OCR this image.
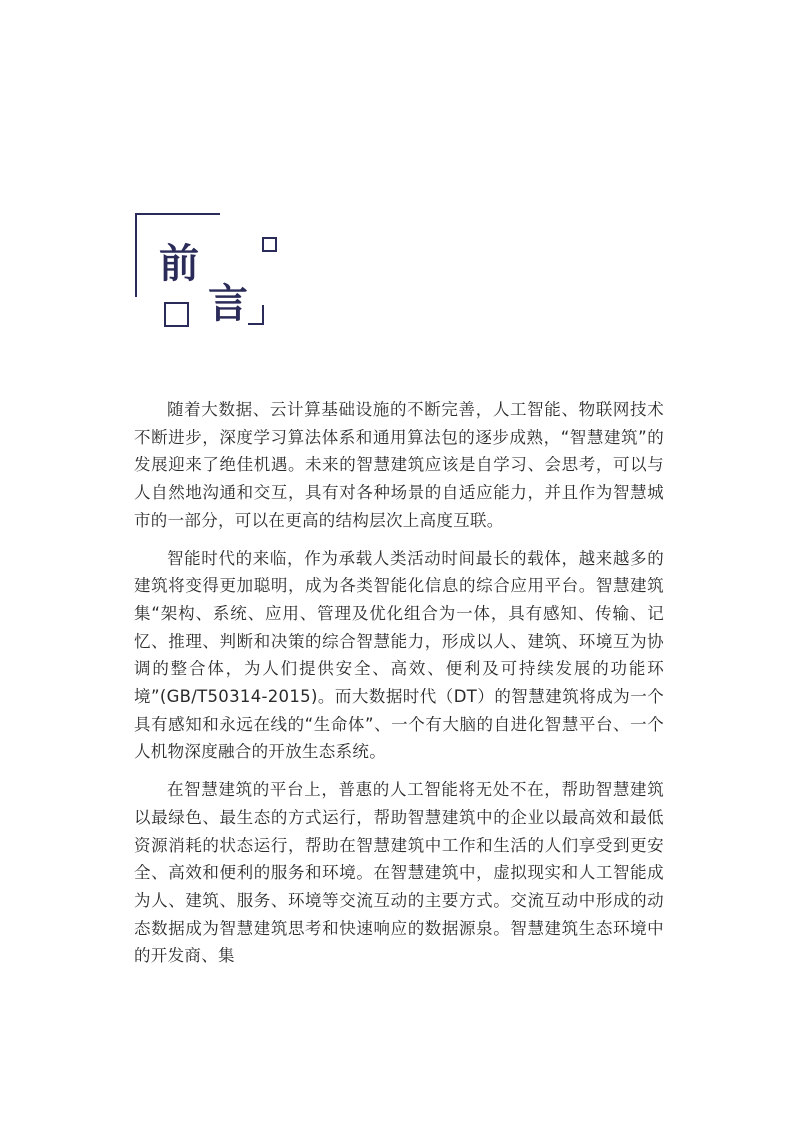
前
言

随着大数据、云计算基础设施的不断完善，人工智能、物联网技术不断进步，深度学习算法体系和通用算法包的逐步成熟，“智慧建筑”的发展迎来了绝佳机遇。未来的智慧建筑应该是自学习、会思考，可以与人自然地沟通和交互，具有对各种场景的自适应能力，并且作为智慧城市的一部分，可以在更高的结构层次上高度互联。

智能时代的来临，作为承载人类活动时间最长的载体，越来越多的建筑将变得更加聪明，成为各类智能化信息的综合应用平台。智慧建筑集“架构、系统、应用、管理及优化组合为一体，具有感知、传输、记忆、推理、判断和决策的综合智慧能力，形成以人、建筑、环境互为协调的整合体，为人们提供安全、高效、便利及可持续发展的功能环境”(GB/T50314-2015)。而大数据时代（DT）的智慧建筑将成为一个具有感知和永远在线的“生命体”、一个有大脑的自进化智慧平台、一个人机物深度融合的开放生态系统。

在智慧建筑的平台上，普惠的人工智能将无处不在，帮助智慧建筑以最绿色、最生态的方式运行，帮助智慧建筑中的企业以最高效和最低资源消耗的状态运行，帮助在智慧建筑中工作和生活的人们享受到更安全、高效和便利的服务和环境。在智慧建筑中，虚拟现实和人工智能成为人、建筑、服务、环境等交流互动的主要方式。交流互动中形成的动态数据成为智慧建筑思考和快速响应的数据源泉。智慧建筑生态环境中的开发商、集
